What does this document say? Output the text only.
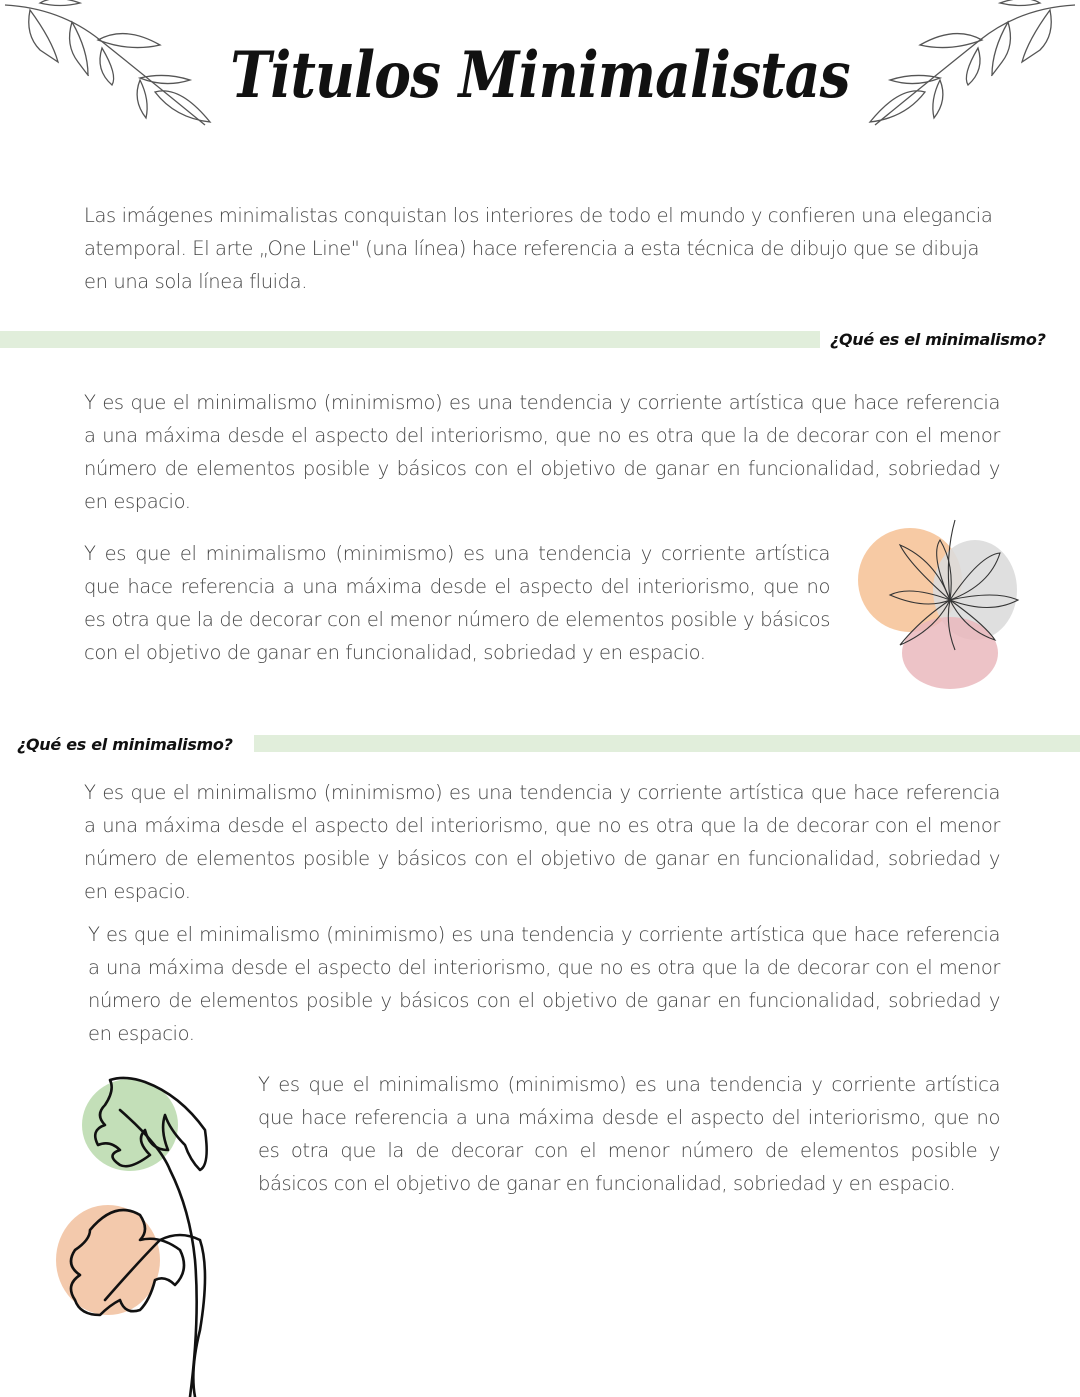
Titulos Minimalistas
Las imágenes minimalistas conquistan los interiores de todo el mundo y confieren una elegancia atemporal. El arte „One Line" (una línea) hace referencia a esta técnica de dibujo que se dibuja en una sola línea fluida.
¿Qué es el minimalismo?
Y es que el minimalismo (minimismo) es una tendencia y corriente artística que hace referencia a una máxima desde el aspecto del interiorismo, que no es otra que la de decorar con el menor número de elementos posible y básicos con el objetivo de ganar en funcionalidad, sobriedad y en espacio.
Y es que el minimalismo (minimismo) es una tendencia y corriente artística que hace referencia a una máxima desde el aspecto del interiorismo, que no es otra que la de decorar con el menor número de elementos posible y básicos con el objetivo de ganar en funcionalidad, sobriedad y en espacio.
¿Qué es el minimalismo?
Y es que el minimalismo (minimismo) es una tendencia y corriente artística que hace referencia a una máxima desde el aspecto del interiorismo, que no es otra que la de decorar con el menor número de elementos posible y básicos con el objetivo de ganar en funcionalidad, sobriedad y en espacio.
Y es que el minimalismo (minimismo) es una tendencia y corriente artística que hace referencia a una máxima desde el aspecto del interiorismo, que no es otra que la de decorar con el menor número de elementos posible y básicos con el objetivo de ganar en funcionalidad, sobriedad y en espacio.
Y es que el minimalismo (minimismo) es una tendencia y corriente artística que hace referencia a una máxima desde el aspecto del interiorismo, que no es otra que la de decorar con el menor número de elementos posible y básicos con el objetivo de ganar en funcionalidad, sobriedad y en espacio.
